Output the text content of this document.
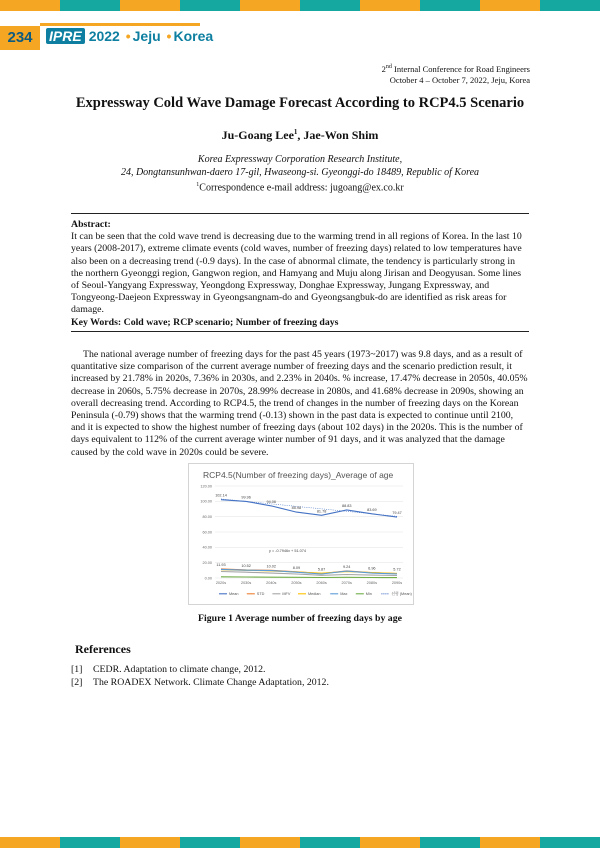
234	IPRE 2022 • Jeju • Korea
2nd Internal Conference for Road Engineers
October 4 – October 7, 2022, Jeju, Korea
Expressway Cold Wave Damage Forecast According to RCP4.5 Scenario
Ju-Goang Lee$^1$, Jae-Won Shim
Korea Expressway Corporation Research Institute,
24, Dongtansunhwan-daero 17-gil, Hwaseong-si. Gyeonggi-do 18489, Republic of Korea
$^1$Correspondence e-mail address: jugoang@ex.co.kr
Abstract:
It can be seen that the cold wave trend is decreasing due to the warming trend in all regions of Korea. In the last 10 years (2008-2017), extreme climate events (cold waves, number of freezing days) related to low temperatures have also been on a decreasing trend (-0.9 days). In the case of abnormal climate, the tendency is particularly strong in the northern Gyeonggi region, Gangwon region, and Hamyang and Muju along Jirisan and Deogyusan. Some lines of Seoul-Yangyang Expressway, Yeongdong Expressway, Donghae Expressway, Jungang Expressway, and Tongyeong-Daejeon Expressway in Gyeongsangnam-do and Gyeongsangbuk-do are identified as risk areas for damage.
Key Words: Cold wave; RCP scenario; Number of freezing days
The national average number of freezing days for the past 45 years (1973~2017) was 9.8 days, and as a result of quantitative size comparison of the current average number of freezing days and the scenario prediction result, it increased by 21.78% in 2020s, 7.36% in 2030s, and 2.23% in 2040s. % increase, 17.47% decrease in 2050s, 40.05% decrease in 2060s, 5.75% decrease in 2070s, 28.99% decrease in 2080s, and 41.68% decrease in 2090s, showing an overall decreasing trend. According to RCP4.5, the trend of changes in the number of freezing days on the Korean Peninsula (-0.79) shows that the warming trend (-0.13) shown in the past data is expected to continue until 2100, and it is expected to show the highest number of freezing days (about 102 days) in the 2020s. This is the number of days equivalent to 112% of the current average winter number of 91 days, and it was analyzed that the damage caused by the cold wave in 2020s could be severe.
RCP4.5(Number of freezing days)_Average of age
0.00
20.00
40.00
60.00
80.00
100.00
120.00
2020s	2030s	2040s	2050s	2060s	2070s	2080s	2090s
102.14	99.96
94.06
85.98
81.78
88.83
83.69
79.47
11.93	10.52	10.02	8.09	5.87
9.24	6.96	5.72
y = -0.7946x + 51.074
Mean	STD	MFV	Median	Max	Min	선형 (Mean)
Figure 1 Average number of freezing days by age
References
[1] CEDR. Adaptation to climate change, 2012.
[2] The ROADEX Network. Climate Change Adaptation, 2012.
